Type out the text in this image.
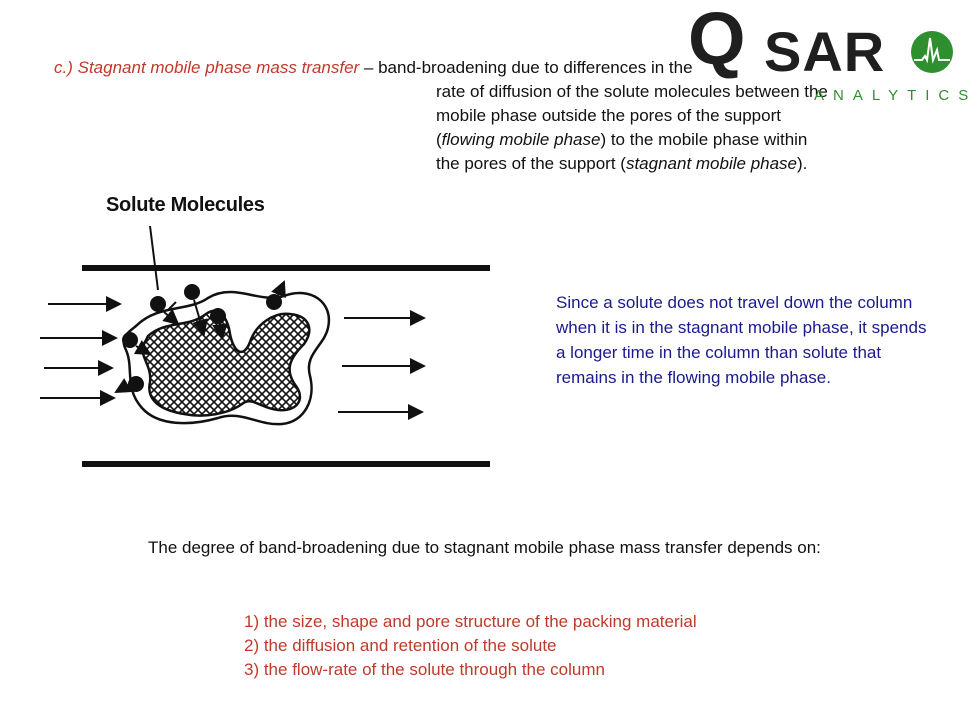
c.) Stagnant mobile phase mass transfer – band-broadening due to differences in the
rate of diffusion of the solute molecules between the
mobile phase outside the pores of the support
(flowing mobile phase) to the mobile phase within
the pores of the support (stagnant mobile phase).

Q SAR
ANALYTICS
Solute Molecules

Since a solute does not travel down the column when it is in the stagnant mobile phase, it spends a longer time in the column than solute that remains in the flowing mobile phase.

The degree of band-broadening due to stagnant mobile phase mass transfer depends on:

1) the size, shape and pore structure of the packing material
2) the diffusion and retention of the solute
3) the flow-rate of the solute through the column
